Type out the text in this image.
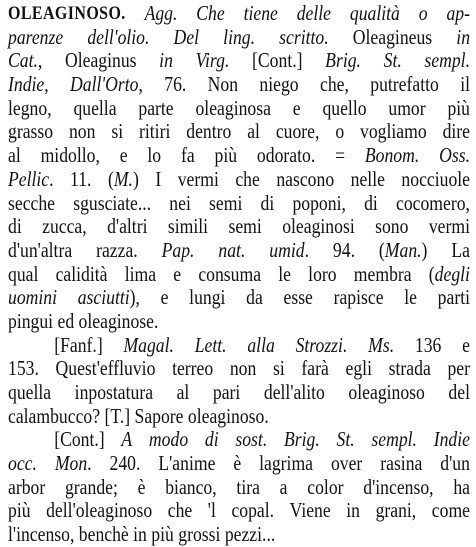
OLEAGINOSO. Agg. Che tiene delle qualità o ap-
parenze dell'olio. Del ling. scritto. Oleagineus in
Cat. , Oleaginus in Virg. [Cont.] Brig. St. sempl.
Indie, Dall'Orto , 76. Non niego che, putrefatto il
legno, quella parte oleaginosa e quello umor più
grasso non si ritiri dentro al cuore, o vogliamo dire
al midollo, e lo fa più odorato. = Bonom. Oss.
Pellic . 11. ( M. ) I vermi che nascono nelle nocciuole
secche sgusciate... nei semi di poponi, di cocomero,
di zucca, d'altri simili semi oleaginosi sono vermi
d'un'altra razza. Pap. nat. umid . 94. ( Man. ) La
qual calidità lima e consuma le loro membra ( degli
uomini asciutti ), e lungi da esse rapisce le parti
pingui
ed
oleaginose.
[Fanf.] Magal. Lett. alla Strozzi. Ms. 136 e
153. Quest'effluvio terreo non si farà egli strada per
quella inpostatura al pari dell'alito oleaginoso del
calambucco?
[ T. ]
Sapore
oleaginoso.
[Cont.] A modo di sost. Brig. St. sempl. Indie
occ. Mon . 240. L'anime è lagrima over rasina d'un
arbor grande; è bianco, tira a color d'incenso, ha
più dell'oleaginoso che 'l copal. Viene in grani, come
l'incenso,
benchè
in
più
grossi
pezzi...
